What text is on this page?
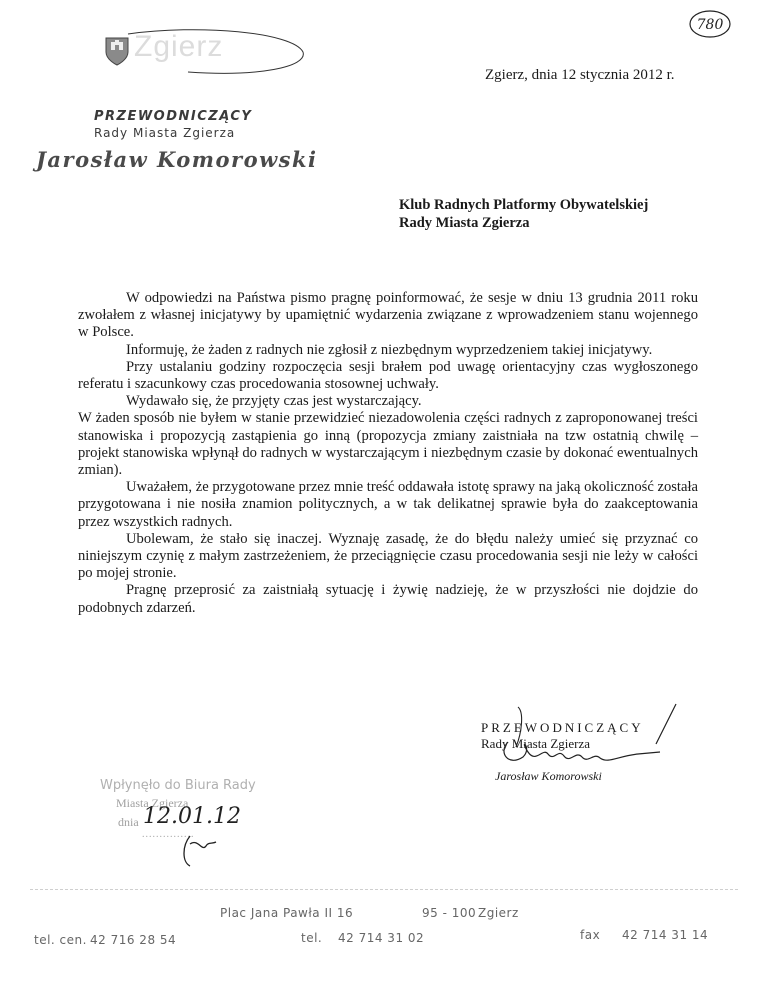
Zgierz
780
Zgierz, dnia 12 stycznia 2012 r.
PRZEWODNICZĄCY
Rady Miasta Zgierza
Jarosław Komorowski
Klub Radnych Platformy Obywatelskiej
Rady Miasta Zgierza

W odpowiedzi na Państwa pismo pragnę poinformować, że sesje w dniu 13 grudnia 2011 roku zwołałem z własnej inicjatywy by upamiętnić wydarzenia związane z wprowadzeniem stanu wojennego w Polsce.

Informuję, że żaden z radnych nie zgłosił z niezbędnym wyprzedzeniem takiej inicjatywy.

Przy ustalaniu godziny rozpoczęcia sesji brałem pod uwagę orientacyjny czas wygłoszonego referatu i szacunkowy czas procedowania stosownej uchwały.

Wydawało się, że przyjęty czas jest wystarczający.

W żaden sposób nie byłem w stanie przewidzieć niezadowolenia części radnych z zaproponowanej treści stanowiska i propozycją zastąpienia go inną (propozycja zmiany zaistniała na tzw ostatnią chwilę – projekt stanowiska wpłynął do radnych w wystarczającym i niezbędnym czasie by dokonać ewentualnych zmian).

Uważałem, że przygotowane przez mnie treść oddawała istotę sprawy na jaką okoliczność została przygotowana i nie nosiła znamion politycznych, a w tak delikatnej sprawie była do zaakceptowania przez wszystkich radnych.

Ubolewam, że stało się inaczej. Wyznaję zasadę, że do błędu należy umieć się przyznać co niniejszym czynię z małym zastrzeżeniem, że przeciągnięcie czasu procedowania sesji nie leży w całości po mojej stronie.

Pragnę przeprosić za zaistniałą sytuację i żywię nadzieję, że w przyszłości nie dojdzie do podobnych zdarzeń.

PRZEWODNICZĄCY
Rady Miasta Zgierza
Jarosław Komorowski
Wpłynęło do Biura Rady
Miasta Zgierza
dnia 12.01.12
...............
Plac Jana Pawła II 16	95 - 100 Zgierz
tel. cen. 42 716 28 54	tel. 42 714 31 02	fax 42 714 31 14
